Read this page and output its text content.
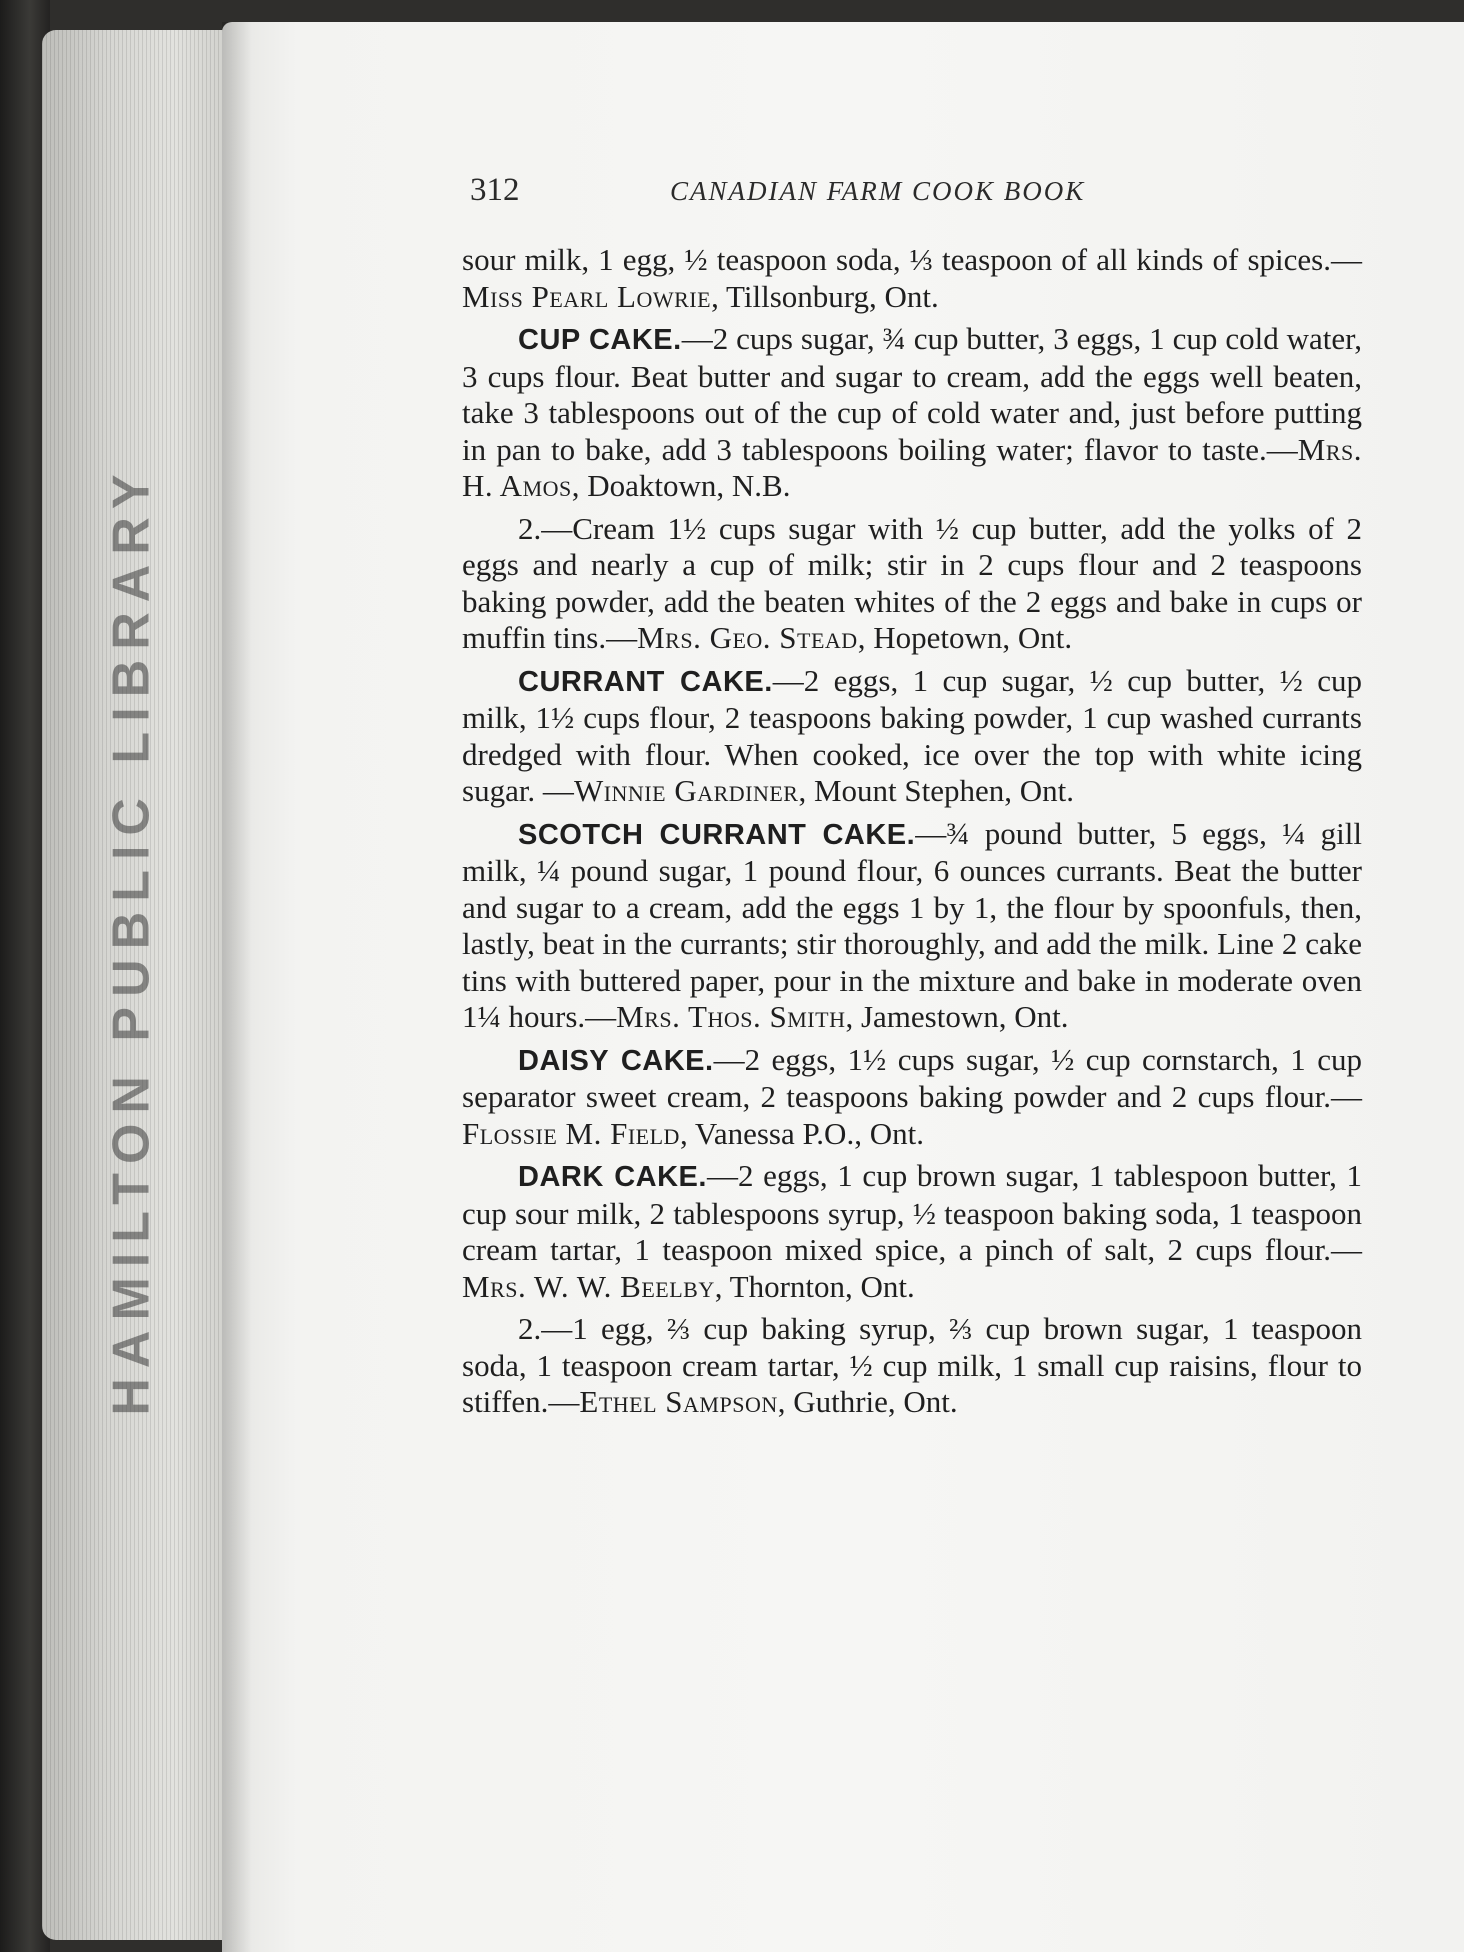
HAMILTON PUBLIC LIBRARY
312	CANADIAN FARM COOK BOOK

sour milk, 1 egg, ½ teaspoon soda, ⅓ teaspoon of all kinds of spices.—Miss Pearl Lowrie, Tillsonburg, Ont.

CUP CAKE.—2 cups sugar, ¾ cup butter, 3 eggs, 1 cup cold water, 3 cups flour. Beat butter and sugar to cream, add the eggs well beaten, take 3 tablespoons out of the cup of cold water and, just before putting in pan to bake, add 3 tablespoons boiling water; flavor to taste.—Mrs. H. Amos, Doaktown, N.B.

2.—Cream 1½ cups sugar with ½ cup butter, add the yolks of 2 eggs and nearly a cup of milk; stir in 2 cups flour and 2 teaspoons baking powder, add the beaten whites of the 2 eggs and bake in cups or muffin tins.—Mrs. Geo. Stead, Hopetown, Ont.

CURRANT CAKE.—2 eggs, 1 cup sugar, ½ cup butter, ½ cup milk, 1½ cups flour, 2 teaspoons baking powder, 1 cup washed currants dredged with flour. When cooked, ice over the top with white icing sugar. —Winnie Gardiner, Mount Stephen, Ont.

SCOTCH CURRANT CAKE.—¾ pound butter, 5 eggs, ¼ gill milk, ¼ pound sugar, 1 pound flour, 6 ounces currants. Beat the butter and sugar to a cream, add the eggs 1 by 1, the flour by spoonfuls, then, lastly, beat in the currants; stir thoroughly, and add the milk. Line 2 cake tins with buttered paper, pour in the mixture and bake in moderate oven 1¼ hours.—Mrs. Thos. Smith, Jamestown, Ont.

DAISY CAKE.—2 eggs, 1½ cups sugar, ½ cup cornstarch, 1 cup separator sweet cream, 2 teaspoons baking powder and 2 cups flour.—Flossie M. Field, Vanessa P.O., Ont.

DARK CAKE.—2 eggs, 1 cup brown sugar, 1 tablespoon butter, 1 cup sour milk, 2 tablespoons syrup, ½ teaspoon baking soda, 1 teaspoon cream tartar, 1 teaspoon mixed spice, a pinch of salt, 2 cups flour.—Mrs. W. W. Beelby, Thornton, Ont.

2.—1 egg, ⅔ cup baking syrup, ⅔ cup brown sugar, 1 teaspoon soda, 1 teaspoon cream tartar, ½ cup milk, 1 small cup raisins, flour to stiffen.—Ethel Sampson, Guthrie, Ont.
